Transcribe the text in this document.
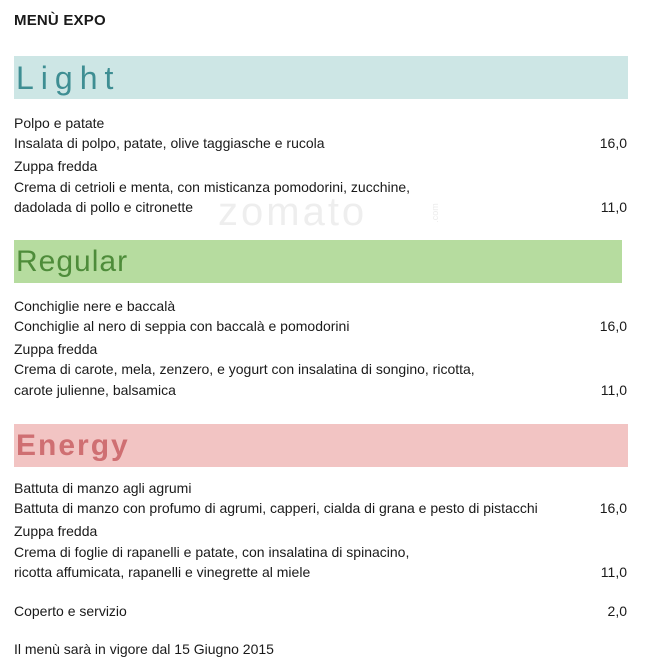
MENÙ EXPO
zomato	.com
Light
Polpo e patate
Insalata di polpo, patate, olive taggiasche e rucola	16,0
Zuppa fredda
Crema di cetrioli e menta, con misticanza pomodorini, zucchine,
dadolada di pollo e citronette	11,0
Regular
Conchiglie nere e baccalà
Conchiglie al nero di seppia con baccalà e pomodorini	16,0
Zuppa fredda
Crema di carote, mela, zenzero, e yogurt con insalatina di songino, ricotta,
carote julienne, balsamica	11,0
Energy
Battuta di manzo agli agrumi
Battuta di manzo con profumo di agrumi, capperi, cialda di grana e pesto di pistacchi	16,0
Zuppa fredda
Crema di foglie di rapanelli e patate, con insalatina di spinacino,
ricotta affumicata, rapanelli e vinegrette al miele	11,0
Coperto e servizio	2,0
Il menù sarà in vigore dal 15 Giugno 2015
